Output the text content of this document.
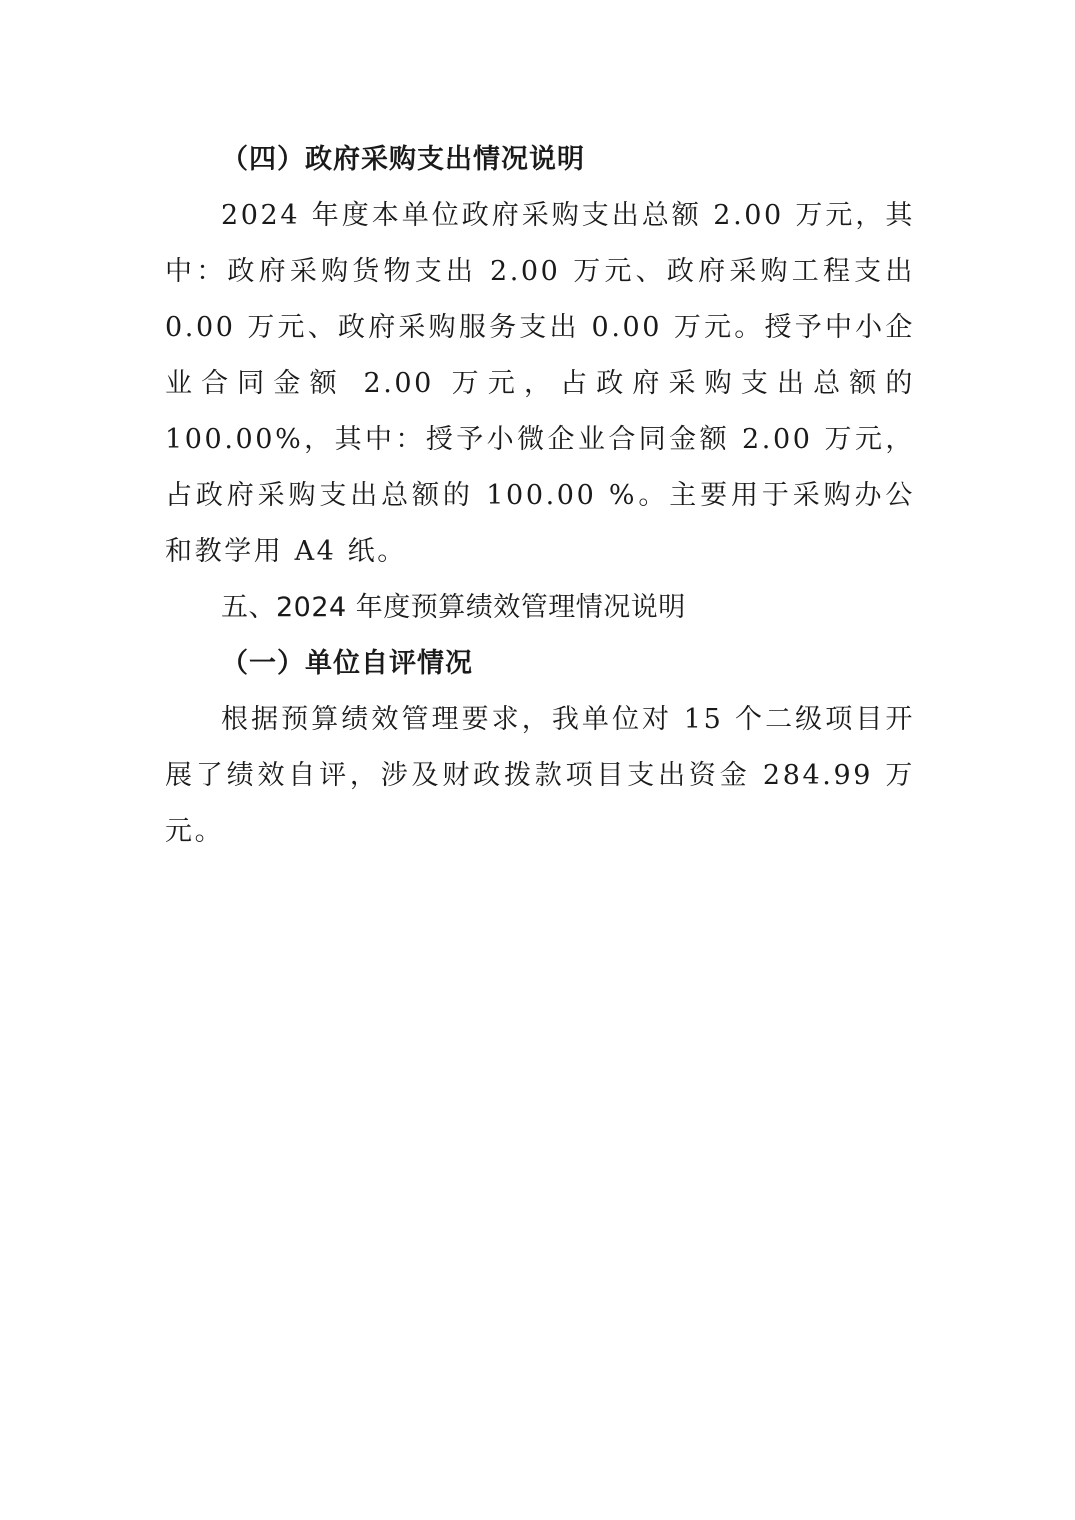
（四）政府采购支出情况说明

2024 年度本单位政府采购支出总额 2.00 万元，其中：政府采购货物支出 2.00 万元、政府采购工程支出 0.00 万元、政府采购服务支出 0.00 万元。授予中小企业合同金额 2.00 万元，占政府采购支出总额的 100.00%，其中：授予小微企业合同金额 2.00 万元，占政府采购支出总额的 100.00 %。主要用于采购办公和教学用 A4 纸。

五、2024 年度预算绩效管理情况说明

（一）单位自评情况

根据预算绩效管理要求，我单位对 15 个二级项目开展了绩效自评，涉及财政拨款项目支出资金 284.99 万元。
